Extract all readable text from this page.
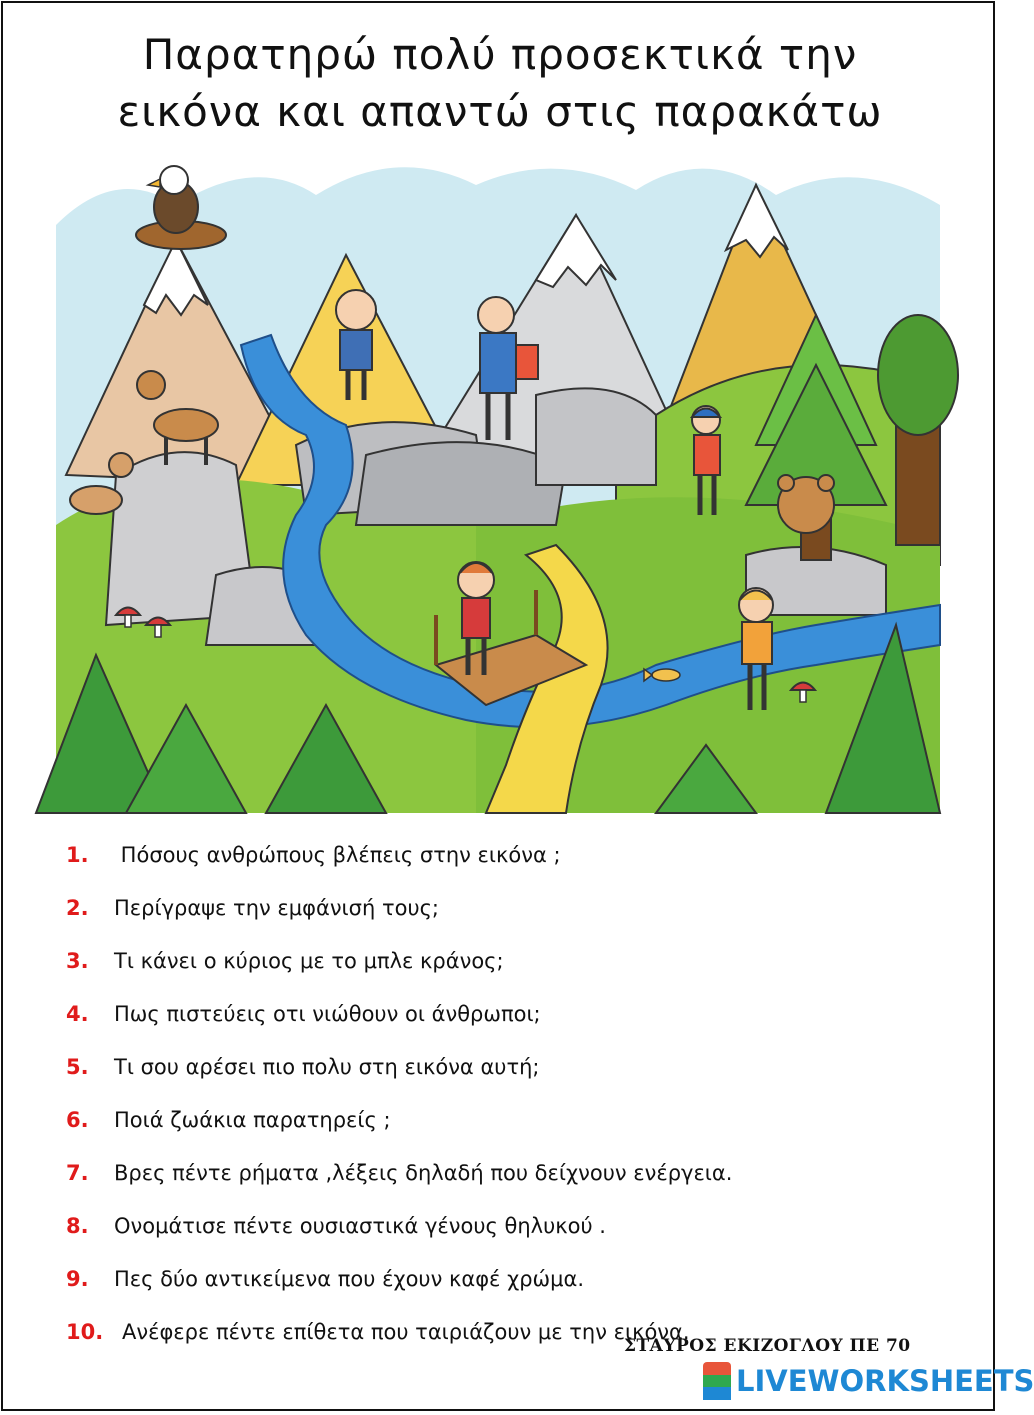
Παρατηρώ πολύ προσεκτικά την
εικόνα και απαντώ στις παρακάτω
1. Πόσους ανθρώπους βλέπεις στην εικόνα ;
2. Περίγραψε την εμφάνισή τους;
3. Τι κάνει ο κύριος με το μπλε κράνος;
4. Πως πιστεύεις οτι νιώθουν οι άνθρωποι;
5. Τι σου αρέσει πιο πολυ στη εικόνα αυτή;
6. Ποιά ζωάκια παρατηρείς ;
7. Βρες πέντε ρήματα ,λέξεις δηλαδή που δείχνουν ενέργεια.
8. Ονομάτισε πέντε ουσιαστικά γένους θηλυκού .
9. Πες δύο αντικείμενα που έχουν καφέ χρώμα.
10. Ανέφερε πέντε επίθετα που ταιριάζουν με την εικόνα.
ΣΤΑΥΡΟΣ ΕΚΙΖΟΓΛΟΥ ΠΕ 70
LIVEWORKSHEETS
